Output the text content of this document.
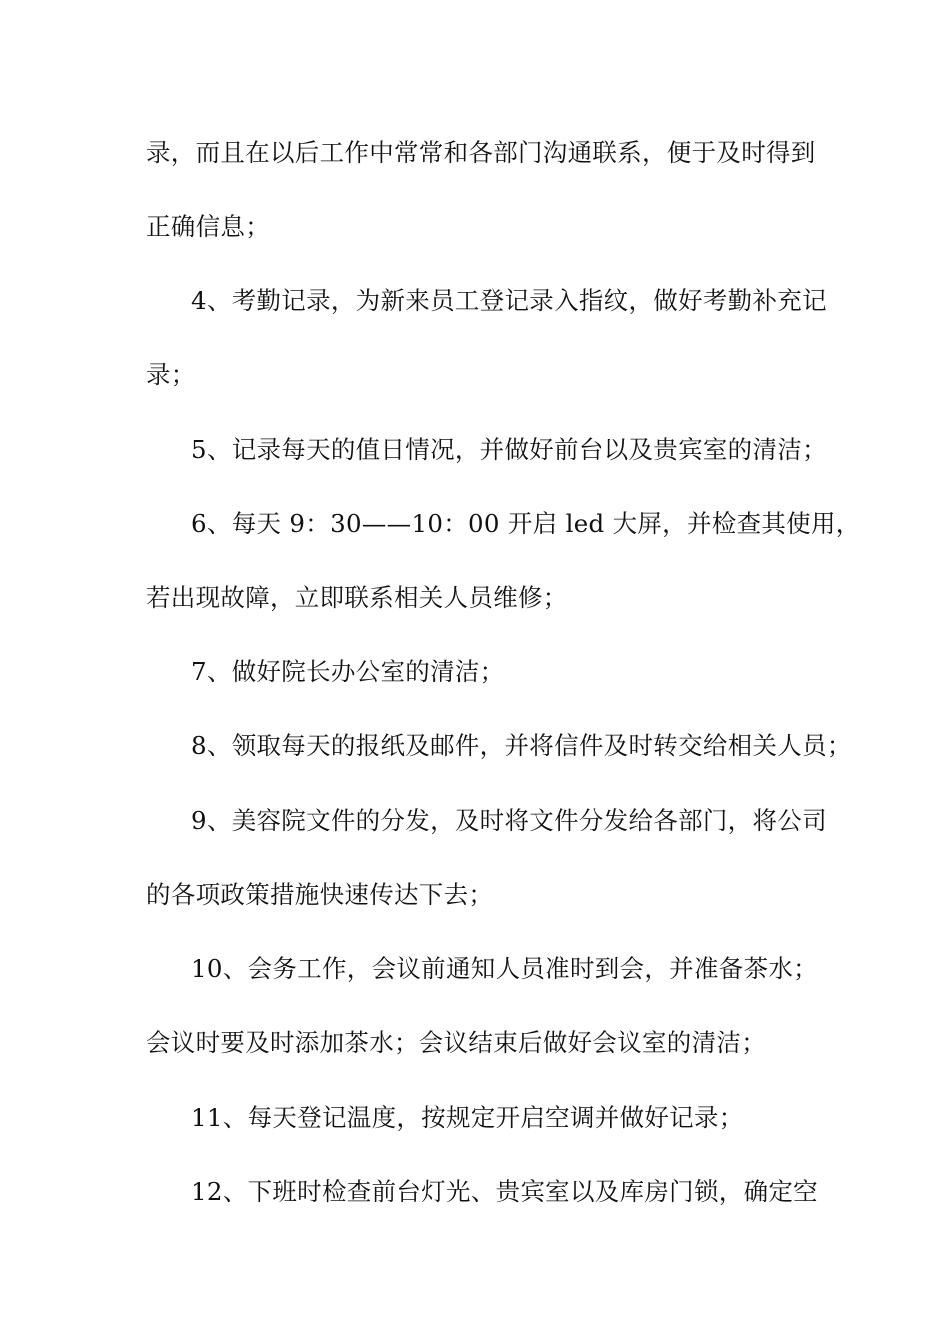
录，而且在以后工作中常常和各部门沟通联系，便于及时得到
正确信息；
4、考勤记录，为新来员工登记录入指纹，做好考勤补充记
录；
5、记录每天的值日情况，并做好前台以及贵宾室的清洁；
6、每天 9：30——10：00 开启 led 大屏，并检查其使用，
若出现故障，立即联系相关人员维修；
7、做好院长办公室的清洁；
8、领取每天的报纸及邮件，并将信件及时转交给相关人员；
9、美容院文件的分发，及时将文件分发给各部门，将公司
的各项政策措施快速传达下去；
10、会务工作，会议前通知人员准时到会，并准备茶水；
会议时要及时添加茶水；会议结束后做好会议室的清洁；
11、每天登记温度，按规定开启空调并做好记录；
12、下班时检查前台灯光、贵宾室以及库房门锁，确定空
